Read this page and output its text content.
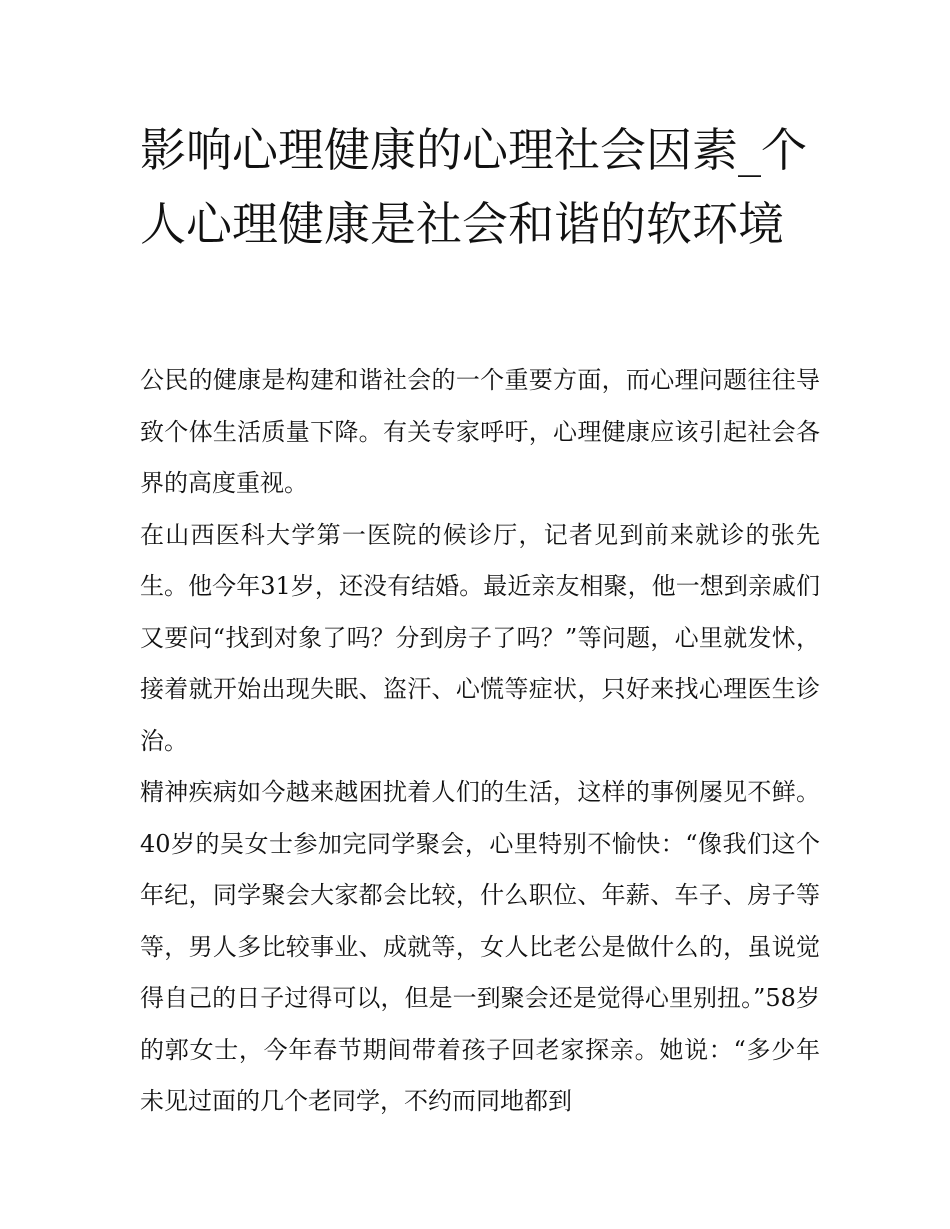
影响心理健康的心理社会因素_个人心理健康是社会和谐的软环境

公民的健康是构建和谐社会的一个重要方面，而心理问题往往导致个体生活质量下降。有关专家呼吁，心理健康应该引起社会各界的高度重视。

在山西医科大学第一医院的候诊厅，记者见到前来就诊的张先生。他今年31岁，还没有结婚。最近亲友相聚，他一想到亲戚们又要问“找到对象了吗？分到房子了吗？”等问题，心里就发怵，接着就开始出现失眠、盗汗、心慌等症状，只好来找心理医生诊治。

精神疾病如今越来越困扰着人们的生活，这样的事例屡见不鲜。40岁的吴女士参加完同学聚会，心里特别不愉快：“像我们这个年纪，同学聚会大家都会比较，什么职位、年薪、车子、房子等等，男人多比较事业、成就等，女人比老公是做什么的，虽说觉得自己的日子过得可以，但是一到聚会还是觉得心里别扭。”58岁的郭女士，今年春节期间带着孩子回老家探亲。她说：“多少年未见过面的几个老同学，不约而同地都到
